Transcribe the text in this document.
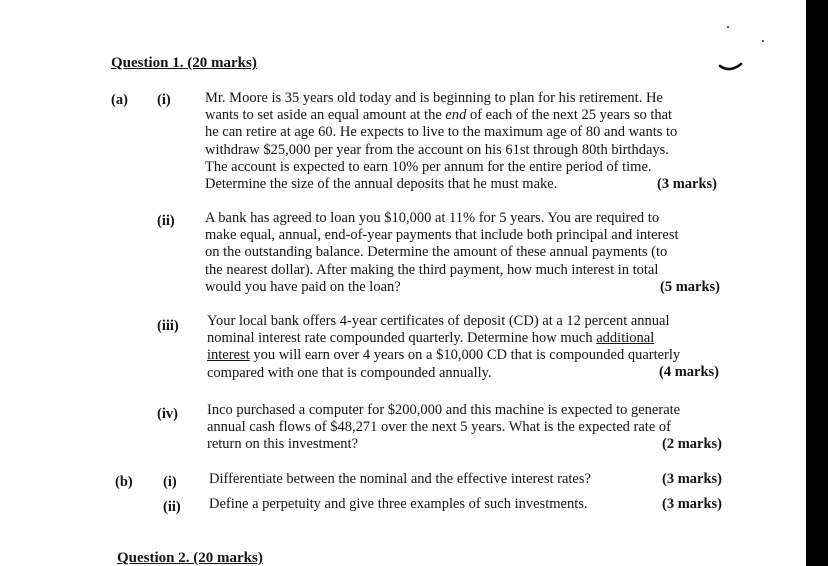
Question 1. (20 marks)
(a) (i) Mr. Moore is 35 years old today and is beginning to plan for his retirement. He
wants to set aside an equal amount at the end of each of the next 25 years so that
he can retire at age 60. He expects to live to the maximum age of 80 and wants to
withdraw $25,000 per year from the account on his 61st through 80th birthdays.
The account is expected to earn 10% per annum for the entire period of time.
Determine the size of the annual deposits that he must make.	(3 marks)
(ii) A bank has agreed to loan you $10,000 at 11% for 5 years. You are required to
make equal, annual, end-of-year payments that include both principal and interest
on the outstanding balance. Determine the amount of these annual payments (to
the nearest dollar). After making the third payment, how much interest in total
would you have paid on the loan?	(5 marks)
(iii) Your local bank offers 4-year certificates of deposit (CD) at a 12 percent annual
nominal interest rate compounded quarterly. Determine how much additional
interest you will earn over 4 years on a $10,000 CD that is compounded quarterly
compared with one that is compounded annually.	(4 marks)
(iv) Inco purchased a computer for $200,000 and this machine is expected to generate
annual cash flows of $48,271 over the next 5 years. What is the expected rate of
return on this investment?	(2 marks)
(b) (i) Differentiate between the nominal and the effective interest rates?	(3 marks)
(ii) Define a perpetuity and give three examples of such investments.	(3 marks)
Question 2. (20 marks)
